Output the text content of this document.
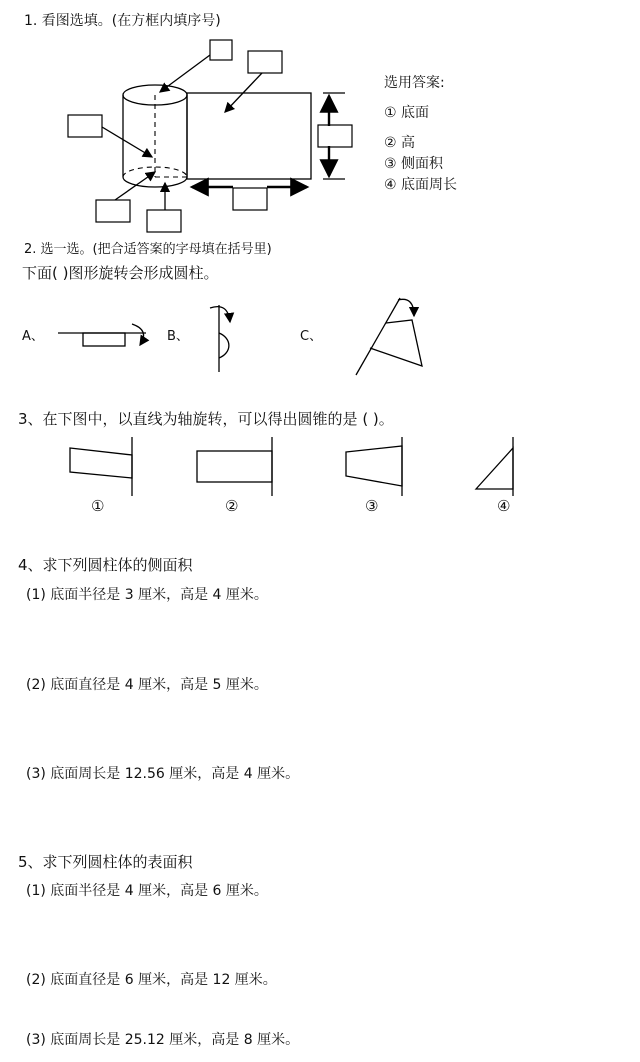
1. 看图选填。(在方框内填序号)
选用答案:
① 底面
② 高
③ 侧面积
④ 底面周长
2. 选一选。(把合适答案的字母填在括号里)
下面( )图形旋转会形成圆柱。
A、	B、	C、
3、在下图中，以直线为轴旋转，可以得出圆锥的是 ( )。
①	②	③	④
4、求下列圆柱体的侧面积
(1) 底面半径是 3 厘米，高是 4 厘米。
(2) 底面直径是 4 厘米，高是 5 厘米。
(3) 底面周长是 12.56 厘米，高是 4 厘米。
5、求下列圆柱体的表面积
(1) 底面半径是 4 厘米，高是 6 厘米。
(2) 底面直径是 6 厘米，高是 12 厘米。
(3) 底面周长是 25.12 厘米，高是 8 厘米。
